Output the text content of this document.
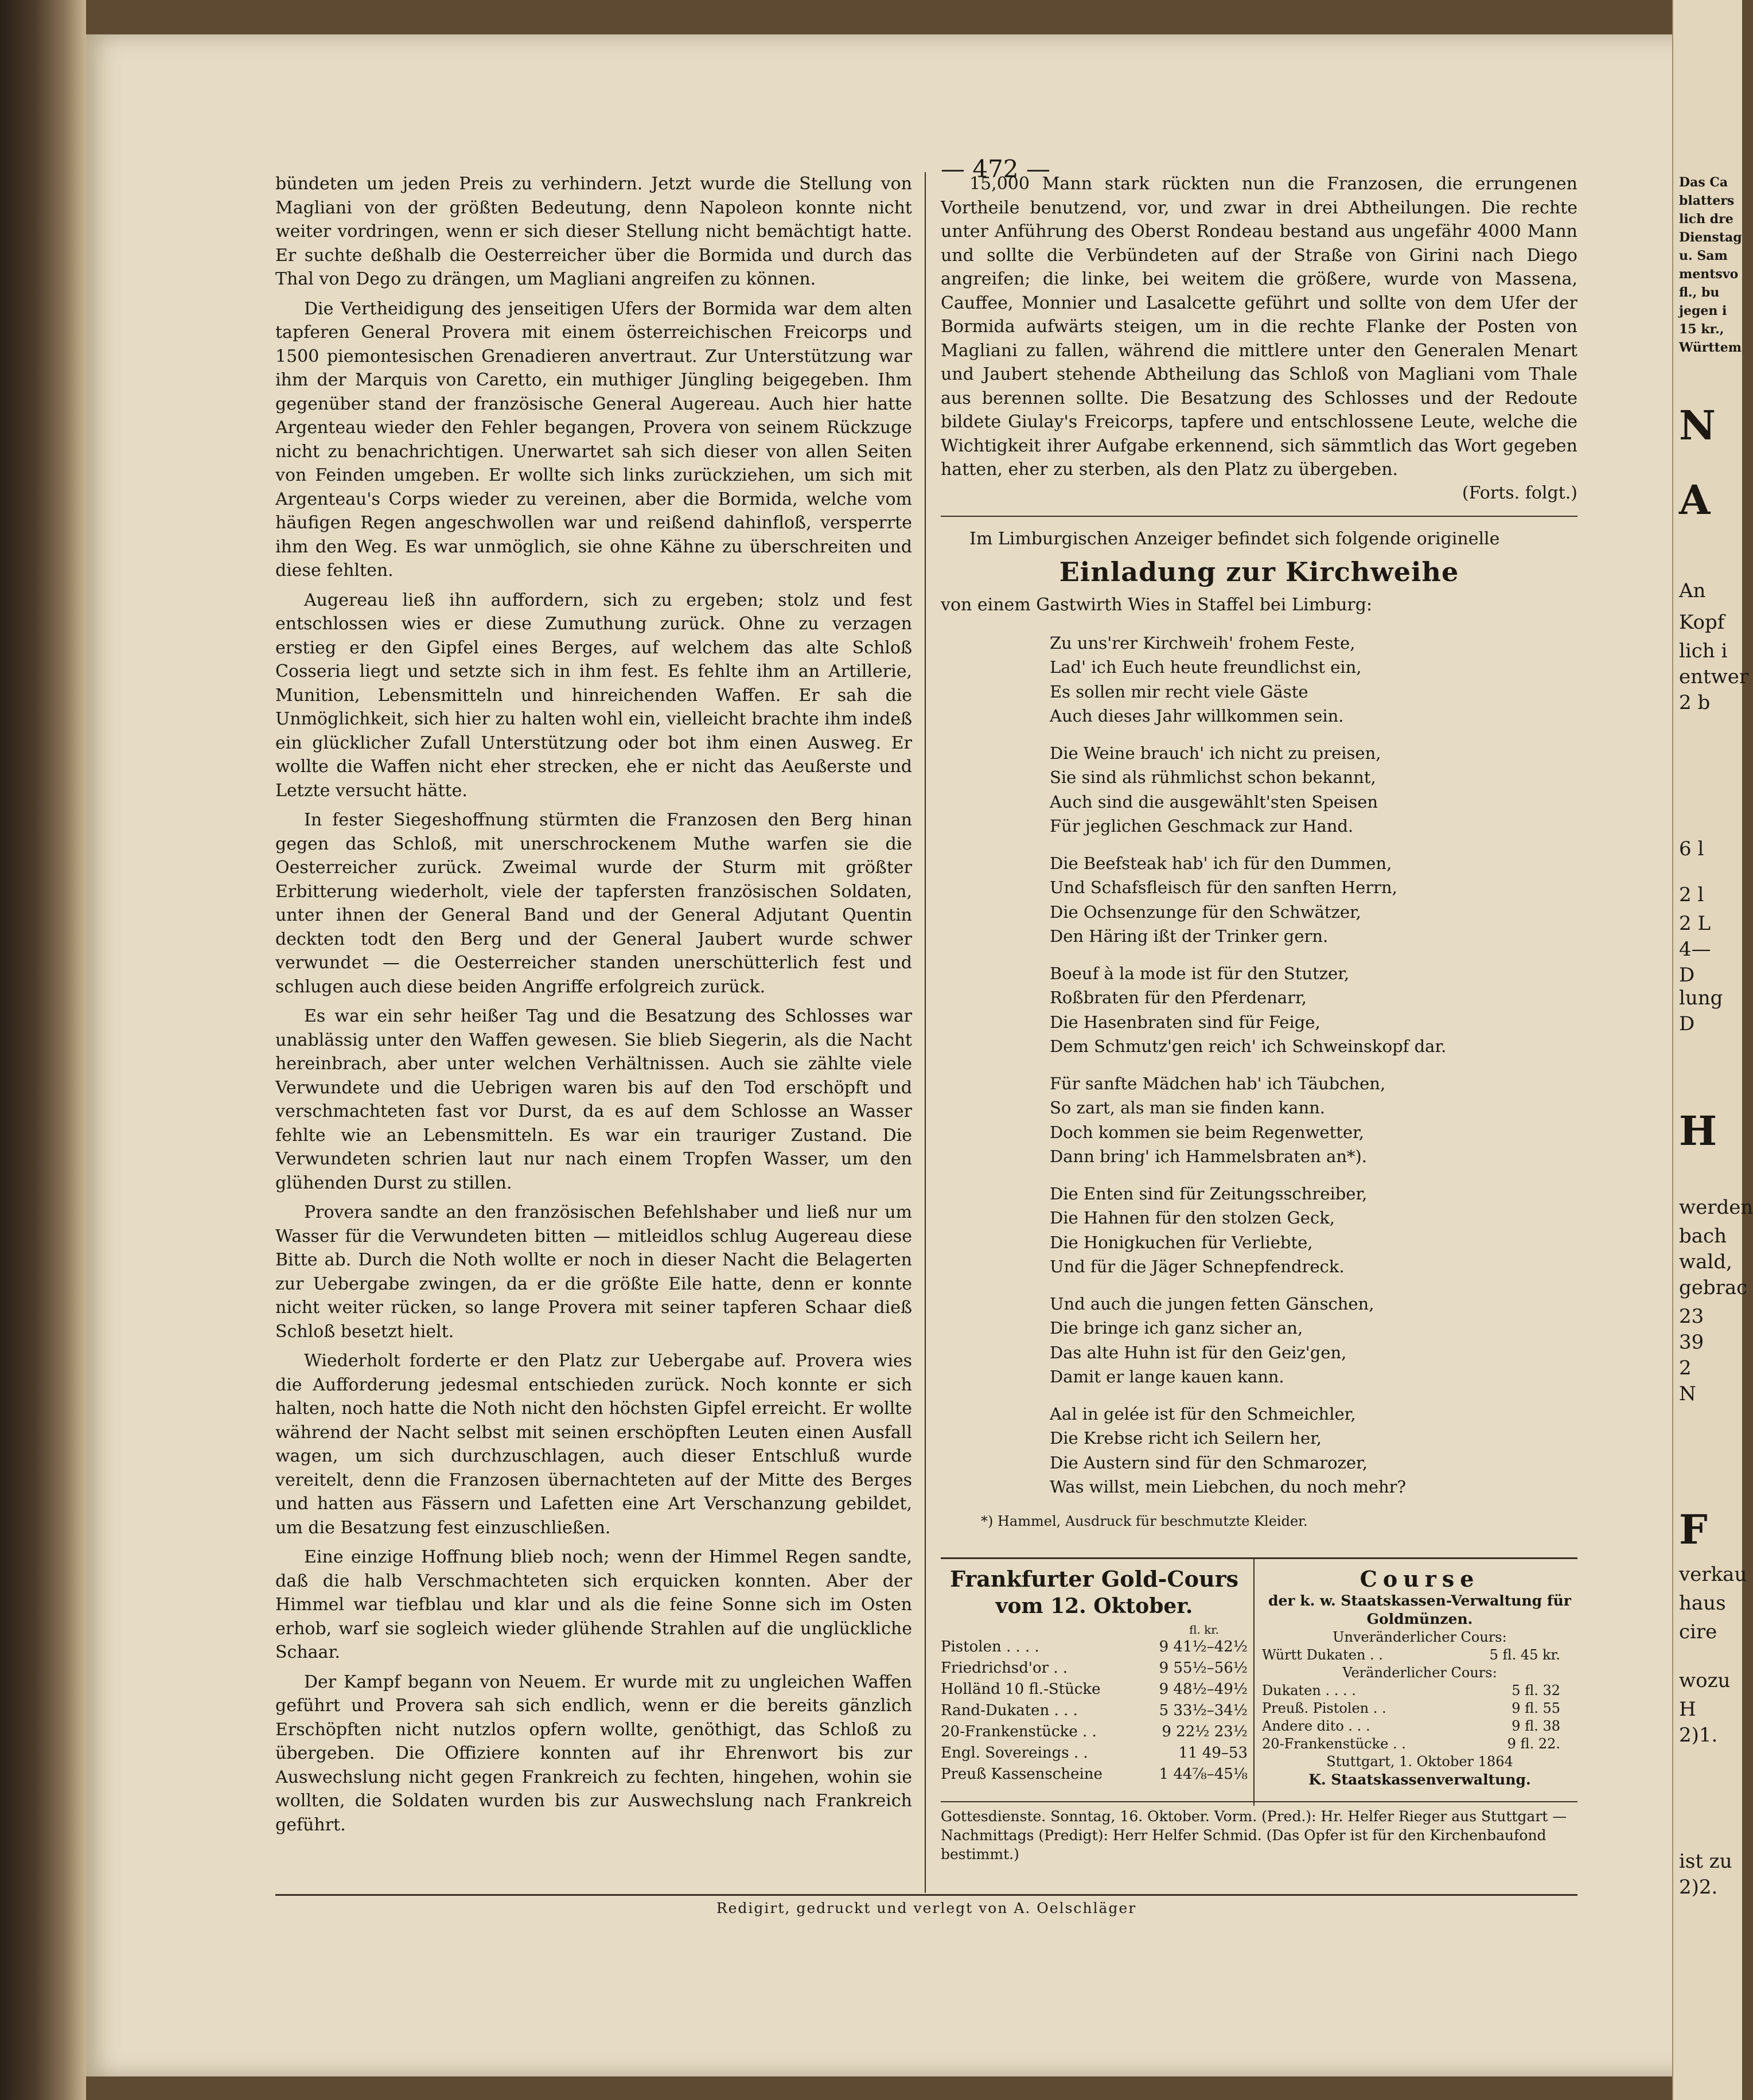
— 472 —

bündeten um jeden Preis zu verhindern. Jetzt wurde die Stellung von Magliani von der größten Bedeutung, denn Napoleon konnte nicht weiter vordringen, wenn er sich dieser Stellung nicht bemächtigt hatte. Er suchte deßhalb die Oesterreicher über die Bormida und durch das Thal von Dego zu drängen, um Magliani angreifen zu können.

Die Vertheidigung des jenseitigen Ufers der Bormida war dem alten tapferen General Provera mit einem österreichischen Freicorps und 1500 piemontesischen Grenadieren anvertraut. Zur Unterstützung war ihm der Marquis von Caretto, ein muthiger Jüngling beigegeben. Ihm gegenüber stand der französische General Augereau. Auch hier hatte Argenteau wieder den Fehler begangen, Provera von seinem Rückzuge nicht zu benachrichtigen. Unerwartet sah sich dieser von allen Seiten von Feinden umgeben. Er wollte sich links zurückziehen, um sich mit Argenteau's Corps wieder zu vereinen, aber die Bormida, welche vom häufigen Regen angeschwollen war und reißend dahinfloß, versperrte ihm den Weg. Es war unmöglich, sie ohne Kähne zu überschreiten und diese fehlten.

Augereau ließ ihn auffordern, sich zu ergeben; stolz und fest entschlossen wies er diese Zumuthung zurück. Ohne zu verzagen erstieg er den Gipfel eines Berges, auf welchem das alte Schloß Cosseria liegt und setzte sich in ihm fest. Es fehlte ihm an Artillerie, Munition, Lebensmitteln und hinreichenden Waffen. Er sah die Unmöglichkeit, sich hier zu halten wohl ein, vielleicht brachte ihm indeß ein glücklicher Zufall Unterstützung oder bot ihm einen Ausweg. Er wollte die Waffen nicht eher strecken, ehe er nicht das Aeußerste und Letzte versucht hätte.

In fester Siegeshoffnung stürmten die Franzosen den Berg hinan gegen das Schloß, mit unerschrockenem Muthe warfen sie die Oesterreicher zurück. Zweimal wurde der Sturm mit größter Erbitterung wiederholt, viele der tapfersten französischen Soldaten, unter ihnen der General Band und der General Adjutant Quentin deckten todt den Berg und der General Jaubert wurde schwer verwundet — die Oesterreicher standen unerschütterlich fest und schlugen auch diese beiden Angriffe erfolgreich zurück.

Es war ein sehr heißer Tag und die Besatzung des Schlosses war unablässig unter den Waffen gewesen. Sie blieb Siegerin, als die Nacht hereinbrach, aber unter welchen Verhältnissen. Auch sie zählte viele Verwundete und die Uebrigen waren bis auf den Tod erschöpft und verschmachteten fast vor Durst, da es auf dem Schlosse an Wasser fehlte wie an Lebensmitteln. Es war ein trauriger Zustand. Die Verwundeten schrien laut nur nach einem Tropfen Wasser, um den glühenden Durst zu stillen.

Provera sandte an den französischen Befehlshaber und ließ nur um Wasser für die Verwundeten bitten — mitleidlos schlug Augereau diese Bitte ab. Durch die Noth wollte er noch in dieser Nacht die Belagerten zur Uebergabe zwingen, da er die größte Eile hatte, denn er konnte nicht weiter rücken, so lange Provera mit seiner tapferen Schaar dieß Schloß besetzt hielt.

Wiederholt forderte er den Platz zur Uebergabe auf. Provera wies die Aufforderung jedesmal entschieden zurück. Noch konnte er sich halten, noch hatte die Noth nicht den höchsten Gipfel erreicht. Er wollte während der Nacht selbst mit seinen erschöpften Leuten einen Ausfall wagen, um sich durchzuschlagen, auch dieser Entschluß wurde vereitelt, denn die Franzosen übernachteten auf der Mitte des Berges und hatten aus Fässern und Lafetten eine Art Verschanzung gebildet, um die Besatzung fest einzuschließen.

Eine einzige Hoffnung blieb noch; wenn der Himmel Regen sandte, daß die halb Verschmachteten sich erquicken konnten. Aber der Himmel war tiefblau und klar und als die feine Sonne sich im Osten erhob, warf sie sogleich wieder glühende Strahlen auf die unglückliche Schaar.

Der Kampf begann von Neuem. Er wurde mit zu ungleichen Waffen geführt und Provera sah sich endlich, wenn er die bereits gänzlich Erschöpften nicht nutzlos opfern wollte, genöthigt, das Schloß zu übergeben. Die Offiziere konnten auf ihr Ehrenwort bis zur Auswechslung nicht gegen Frankreich zu fechten, hingehen, wohin sie wollten, die Soldaten wurden bis zur Auswechslung nach Frankreich geführt.

15,000 Mann stark rückten nun die Franzosen, die errungenen Vortheile benutzend, vor, und zwar in drei Abtheilungen. Die rechte unter Anführung des Oberst Rondeau bestand aus ungefähr 4000 Mann und sollte die Verbündeten auf der Straße von Girini nach Diego angreifen; die linke, bei weitem die größere, wurde von Massena, Cauffee, Monnier und Lasalcette geführt und sollte von dem Ufer der Bormida aufwärts steigen, um in die rechte Flanke der Posten von Magliani zu fallen, während die mittlere unter den Generalen Menart und Jaubert stehende Abtheilung das Schloß von Magliani vom Thale aus berennen sollte. Die Besatzung des Schlosses und der Redoute bildete Giulay's Freicorps, tapfere und entschlossene Leute, welche die Wichtigkeit ihrer Aufgabe erkennend, sich sämmtlich das Wort gegeben hatten, eher zu sterben, als den Platz zu übergeben.

(Forts. folgt.)

Im Limburgischen Anzeiger befindet sich folgende originelle

Einladung zur Kirchweihe

von einem Gastwirth Wies in Staffel bei Limburg:

Zu uns'rer Kirchweih' frohem Feste,
Lad' ich Euch heute freundlichst ein,
Es sollen mir recht viele Gäste
Auch dieses Jahr willkommen sein.
Die Weine brauch' ich nicht zu preisen,
Sie sind als rühmlichst schon bekannt,
Auch sind die ausgewählt'sten Speisen
Für jeglichen Geschmack zur Hand.
Die Beefsteak hab' ich für den Dummen,
Und Schafsfleisch für den sanften Herrn,
Die Ochsenzunge für den Schwätzer,
Den Häring ißt der Trinker gern.
Boeuf à la mode ist für den Stutzer,
Roßbraten für den Pferdenarr,
Die Hasenbraten sind für Feige,
Dem Schmutz'gen reich' ich Schweinskopf dar.
Für sanfte Mädchen hab' ich Täubchen,
So zart, als man sie finden kann.
Doch kommen sie beim Regenwetter,
Dann bring' ich Hammelsbraten an*).
Die Enten sind für Zeitungsschreiber,
Die Hahnen für den stolzen Geck,
Die Honigkuchen für Verliebte,
Und für die Jäger Schnepfendreck.
Und auch die jungen fetten Gänschen,
Die bringe ich ganz sicher an,
Das alte Huhn ist für den Geiz'gen,
Damit er lange kauen kann.
Aal in gelée ist für den Schmeichler,
Die Krebse richt ich Seilern her,
Die Austern sind für den Schmarozer,
Was willst, mein Liebchen, du noch mehr?
*) Hammel, Ausdruck für beschmutzte Kleider.
Frankfurter Gold-Cours
vom 12. Oktober.
fl. kr.
Pistolen . . . .	9 41½–42½
Friedrichsd'or . .	9 55½–56½
Holländ 10 fl.-Stücke	9 48½–49½
Rand-Dukaten . . .	5 33½–34½
20-Frankenstücke . .	9 22½ 23½
Engl. Sovereings . .	11 49–53
Preuß Kassenscheine	1 44⅞–45⅛
Course
der k. w. Staatskassen-Verwaltung für Goldmünzen.
Unveränderlicher Cours:
Württ Dukaten . .	5 fl. 45 kr.
Veränderlicher Cours:
Dukaten . . . .	5 fl. 32
Preuß. Pistolen . .	9 fl. 55
Andere dito . . .	9 fl. 38
20-Frankenstücke . .	9 fl. 22.
Stuttgart, 1. Oktober 1864
K. Staatskassenverwaltung.
Gottesdienste. Sonntag, 16. Oktober. Vorm. (Pred.): Hr. Helfer Rieger aus Stuttgart — Nachmittags (Predigt): Herr Helfer Schmid. (Das Opfer ist für den Kirchenbaufond bestimmt.)
Redigirt, gedruckt und verlegt von A. Oelschläger
Das Ca
blatters
lich dre
Dienstag
u. Sam
mentsvo
fl., bu
jegen i
15 kr.,
Württem
N
A
An
Kopf
lich i
entwer
2 b
6 l
2 l
2 L
4—
D
lung
D
H
werden
bach
wald,
gebrac
23
39
2
N
F
verkau
haus
cire
wozu
H
2)1.
ist zu
2)2.
